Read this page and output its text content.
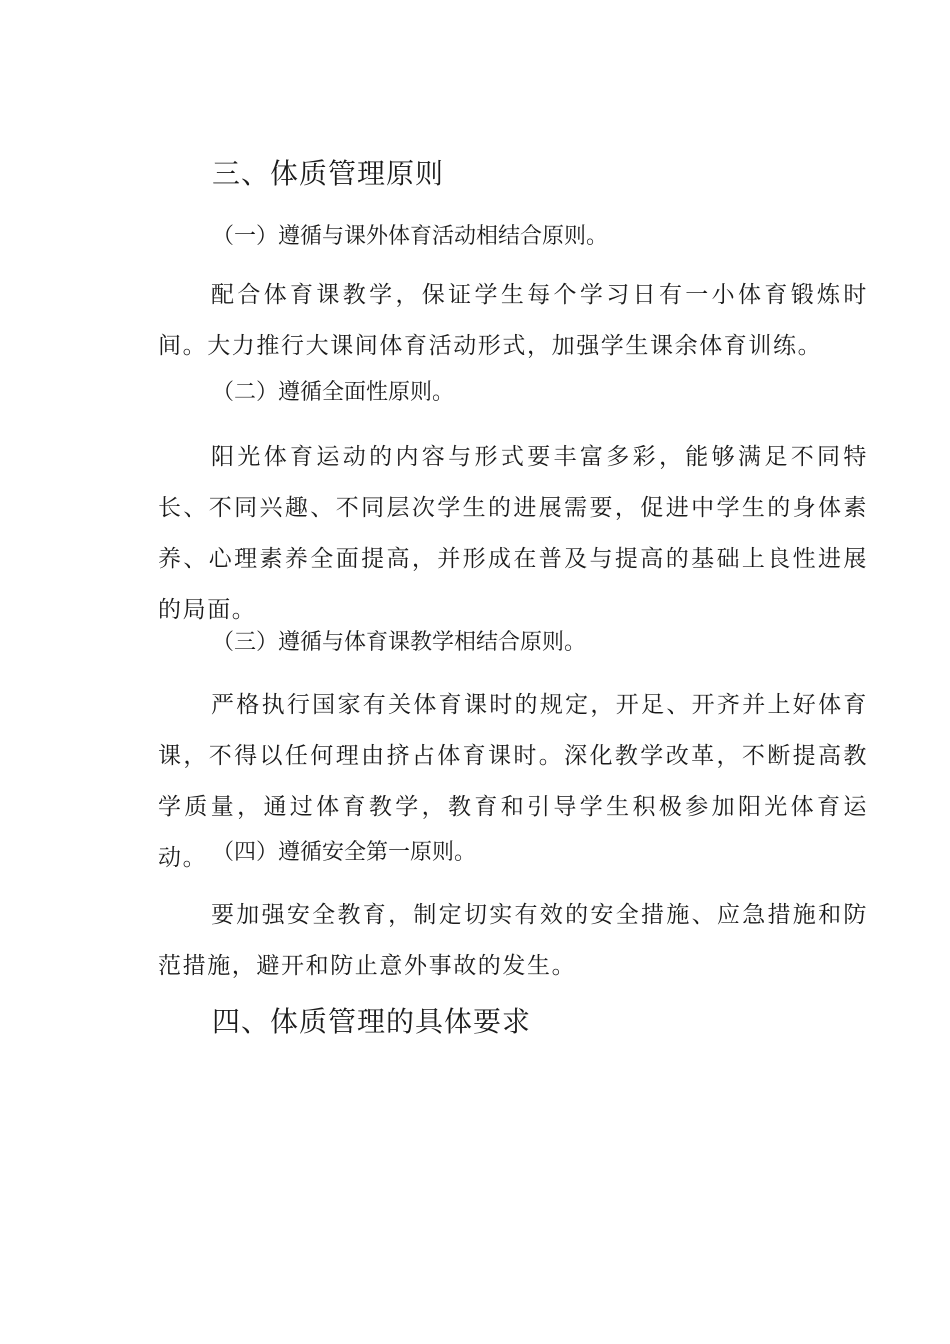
三、体质管理原则
（一）遵循与课外体育活动相结合原则。
配合体育课教学，保证学生每个学习日有一小体育锻炼时间。大力推行大课间体育活动形式，加强学生课余体育训练。
（二）遵循全面性原则。
阳光体育运动的内容与形式要丰富多彩，能够满足不同特长、不同兴趣、不同层次学生的进展需要，促进中学生的身体素养、心理素养全面提高，并形成在普及与提高的基础上良性进展的局面。
（三）遵循与体育课教学相结合原则。
严格执行国家有关体育课时的规定，开足、开齐并上好体育课，不得以任何理由挤占体育课时。深化教学改革，不断提高教学质量，通过体育教学，教育和引导学生积极参加阳光体育运动。 （四）遵循安全第一原则。
要加强安全教育，制定切实有效的安全措施、应急措施和防范措施，避开和防止意外事故的发生。
四、体质管理的具体要求
